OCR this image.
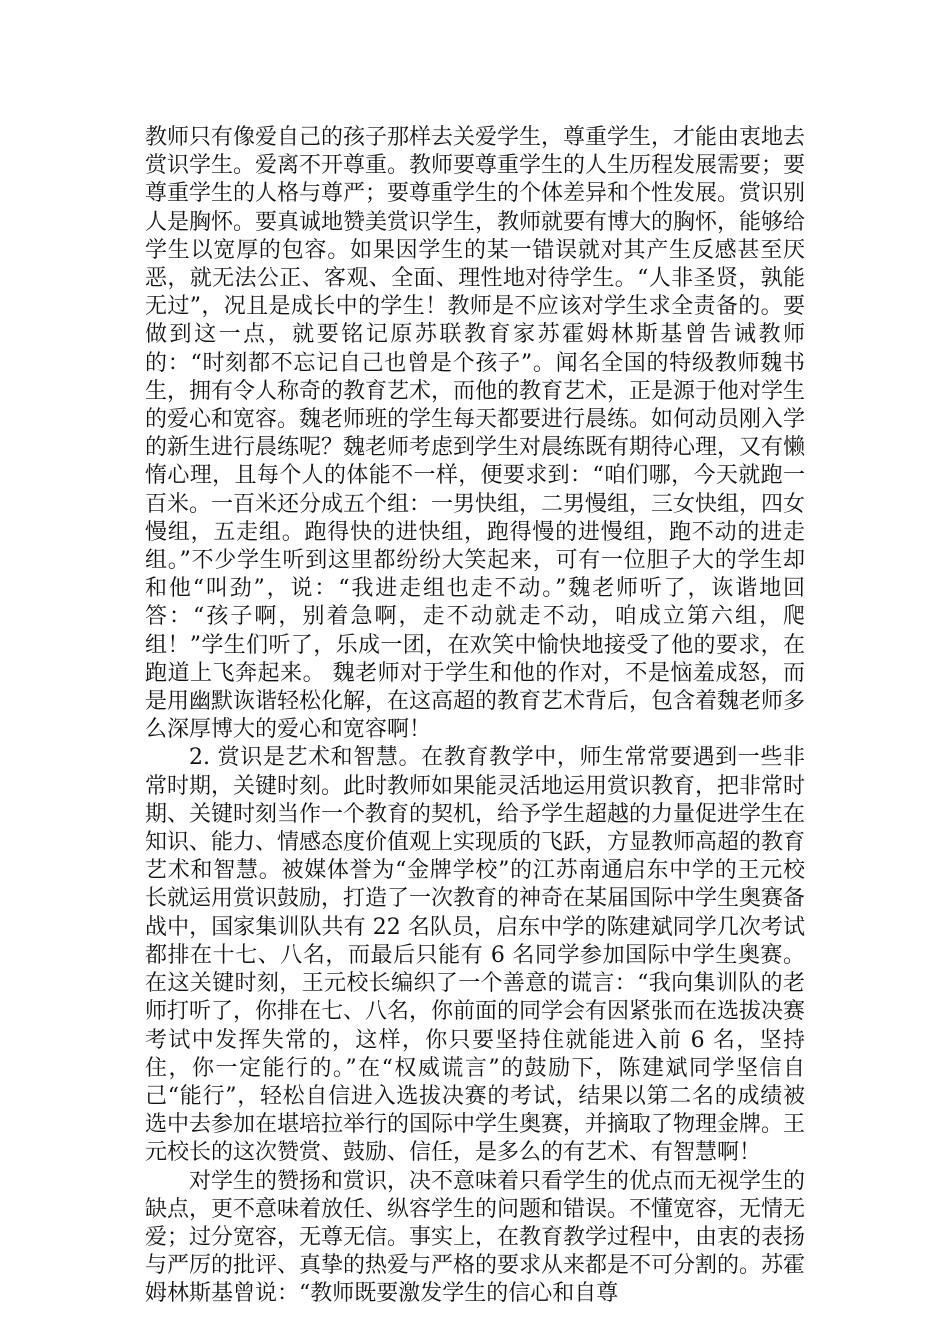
教师只有像爱自己的孩子那样去关爱学生，尊重学生，才能由衷地去赏识学生。爱离不开尊重。教师要尊重学生的人生历程发展需要；要尊重学生的人格与尊严；要尊重学生的个体差异和个性发展。赏识别人是胸怀。要真诚地赞美赏识学生，教师就要有博大的胸怀，能够给学生以宽厚的包容。如果因学生的某一错误就对其产生反感甚至厌恶，就无法公正、客观、全面、理性地对待学生。“人非圣贤，孰能无过”，况且是成长中的学生！教师是不应该对学生求全责备的。要做到这一点，就要铭记原苏联教育家苏霍姆林斯基曾告诫教师的：“时刻都不忘记自己也曾是个孩子”。闻名全国的特级教师魏书生，拥有令人称奇的教育艺术，而他的教育艺术，正是源于他对学生的爱心和宽容。魏老师班的学生每天都要进行晨练。如何动员刚入学的新生进行晨练呢？魏老师考虑到学生对晨练既有期待心理，又有懒惰心理，且每个人的体能不一样，便要求到：“咱们哪，今天就跑一百米。一百米还分成五个组：一男快组，二男慢组，三女快组，四女慢组，五走组。跑得快的进快组，跑得慢的进慢组，跑不动的进走组。”不少学生听到这里都纷纷大笑起来，可有一位胆子大的学生却和他“叫劲”，说：“我进走组也走不动。”魏老师听了，诙谐地回答：“孩子啊，别着急啊，走不动就走不动，咱成立第六组，爬组！”学生们听了，乐成一团，在欢笑中愉快地接受了他的要求，在跑道上飞奔起来。 魏老师对于学生和他的作对，不是恼羞成怒，而是用幽默诙谐轻松化解，在这高超的教育艺术背后，包含着魏老师多么深厚博大的爱心和宽容啊！

2. 赏识是艺术和智慧。在教育教学中，师生常常要遇到一些非常时期，关键时刻。此时教师如果能灵活地运用赏识教育，把非常时期、关键时刻当作一个教育的契机，给予学生超越的力量促进学生在知识、能力、情感态度价值观上实现质的飞跃，方显教师高超的教育艺术和智慧。被媒体誉为“金牌学校”的江苏南通启东中学的王元校长就运用赏识鼓励，打造了一次教育的神奇在某届国际中学生奥赛备战中，国家集训队共有 22 名队员，启东中学的陈建斌同学几次考试都排在十七、八名，而最后只能有 6 名同学参加国际中学生奥赛。在这关键时刻，王元校长编织了一个善意的谎言：“我向集训队的老师打听了，你排在七、八名，你前面的同学会有因紧张而在选拔决赛考试中发挥失常的，这样，你只要坚持住就能进入前 6 名，坚持住，你一定能行的。”在“权威谎言”的鼓励下，陈建斌同学坚信自己“能行”，轻松自信进入选拔决赛的考试，结果以第二名的成绩被选中去参加在堪培拉举行的国际中学生奥赛，并摘取了物理金牌。王元校长的这次赞赏、鼓励、信任，是多么的有艺术、有智慧啊！

对学生的赞扬和赏识，决不意味着只看学生的优点而无视学生的缺点，更不意味着放任、纵容学生的问题和错误。不懂宽容，无情无爱；过分宽容，无尊无信。事实上，在教育教学过程中，由衷的表扬与严厉的批评、真挚的热爱与严格的要求从来都是不可分割的。苏霍姆林斯基曾说：“教师既要激发学生的信心和自尊
